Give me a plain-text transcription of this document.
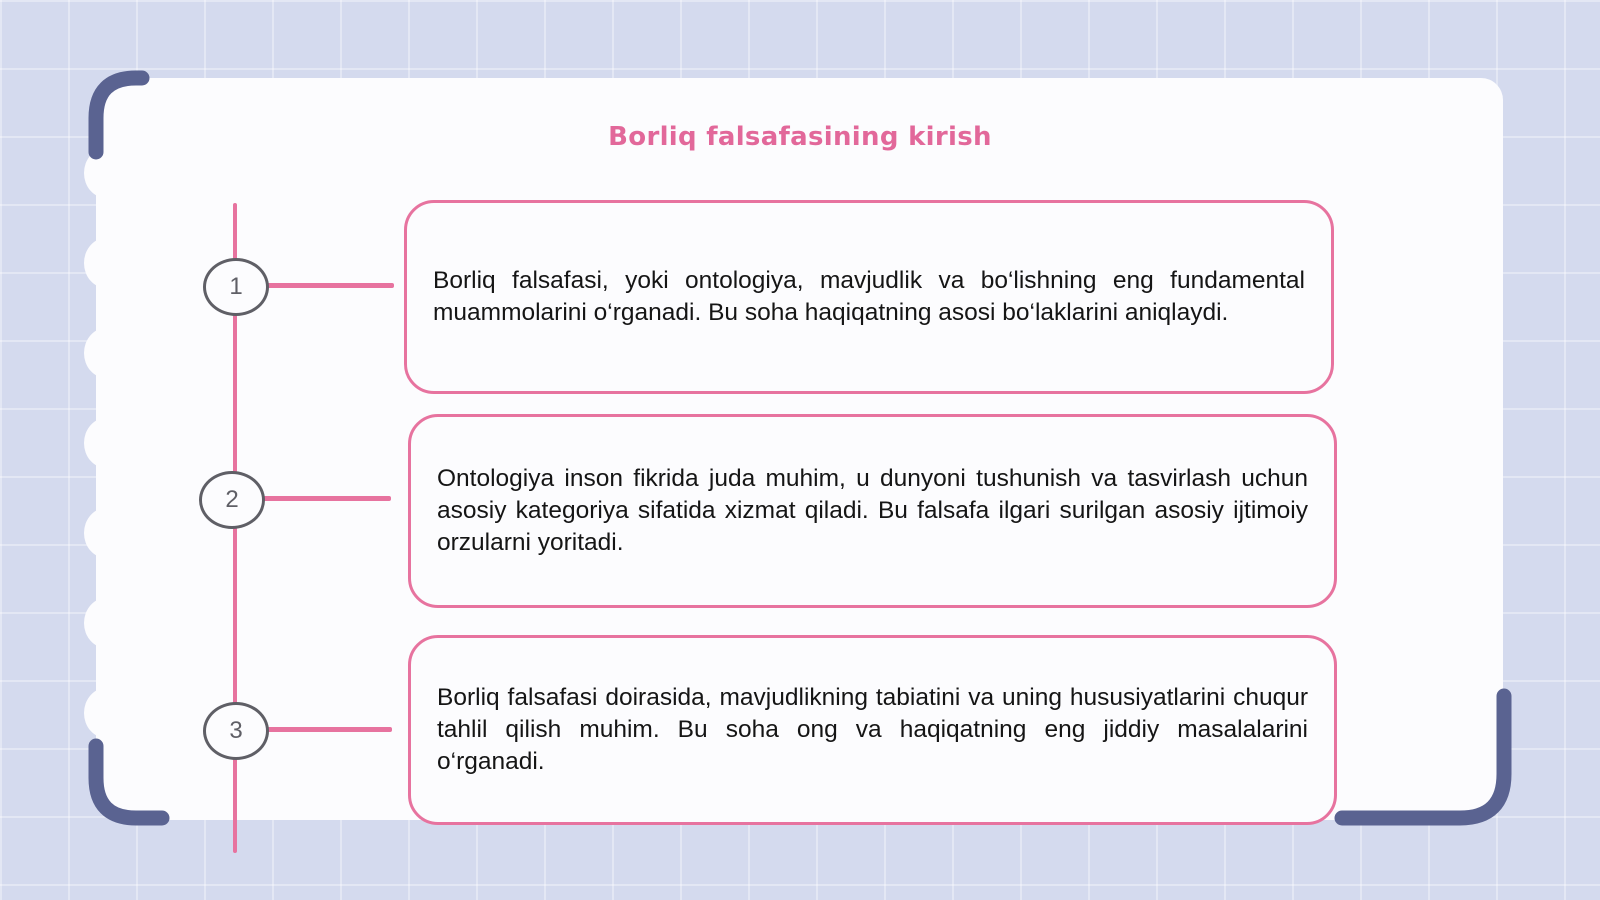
Borliq falsafasining kirish
1	Borliq falsafasi, yoki ontologiya, mavjudlik va bo‘lishning eng fundamental muammolarini o‘rganadi. Bu soha haqiqatning asosi bo‘laklarini aniqlaydi.

2

Ontologiya inson fikrida juda muhim, u dunyoni tushunish va tasvirlash uchun asosiy kategoriya sifatida xizmat qiladi. Bu falsafa ilgari surilgan asosiy ijtimoiy orzularni yoritadi.

3

Borliq falsafasi doirasida, mavjudlikning tabiatini va uning hususiyatlarini chuqur tahlil qilish muhim. Bu soha ong va haqiqatning eng jiddiy masalalarini o‘rganadi.
